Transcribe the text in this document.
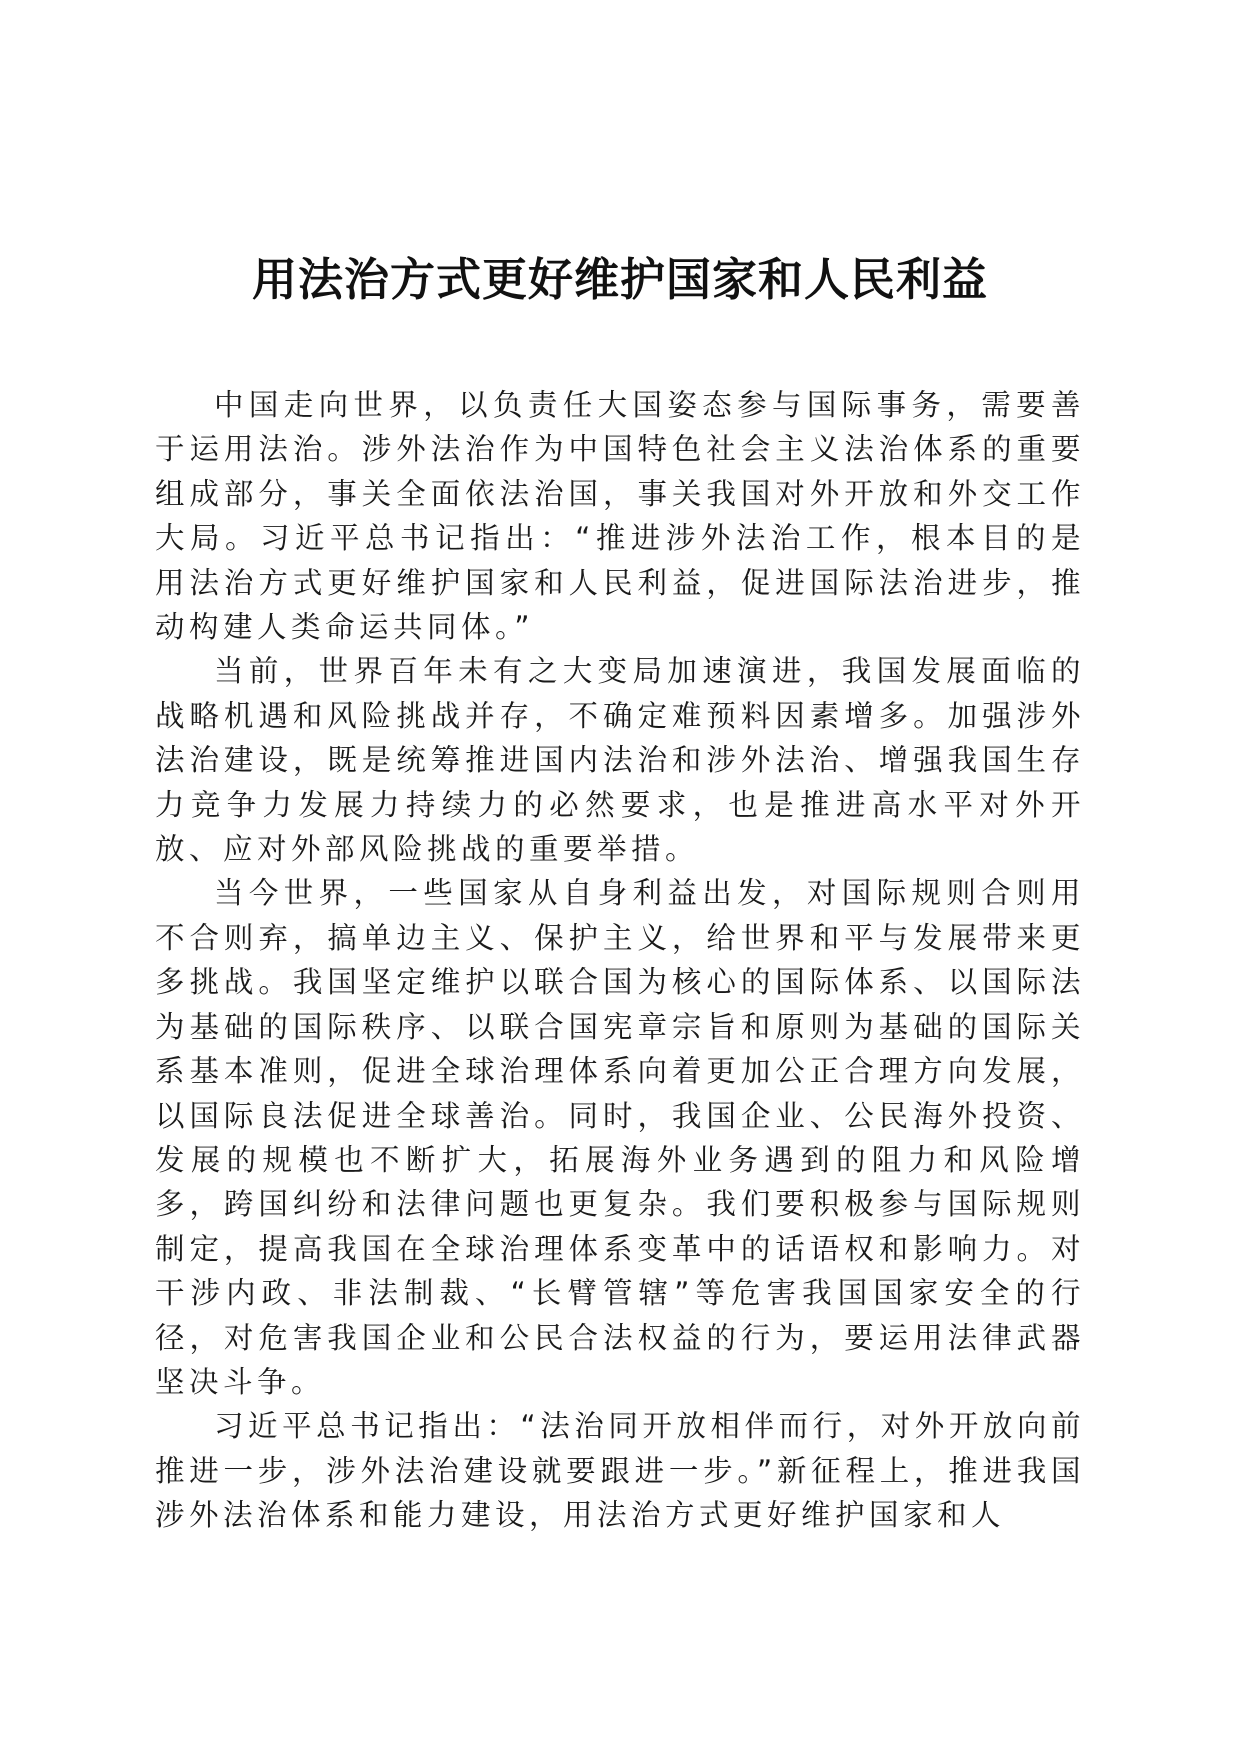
用法治方式更好维护国家和人民利益

中国走向世界，以负责任大国姿态参与国际事务，需要善于运用法治。涉外法治作为中国特色社会主义法治体系的重要组成部分，事关全面依法治国，事关我国对外开放和外交工作大局。习近平总书记指出：“推进涉外法治工作，根本目的是用法治方式更好维护国家和人民利益，促进国际法治进步，推动构建人类命运共同体。”

当前，世界百年未有之大变局加速演进，我国发展面临的战略机遇和风险挑战并存，不确定难预料因素增多。加强涉外法治建设，既是统筹推进国内法治和涉外法治、增强我国生存力竞争力发展力持续力的必然要求，也是推进高水平对外开放、应对外部风险挑战的重要举措。

当今世界，一些国家从自身利益出发，对国际规则合则用不合则弃，搞单边主义、保护主义，给世界和平与发展带来更多挑战。我国坚定维护以联合国为核心的国际体系、以国际法为基础的国际秩序、以联合国宪章宗旨和原则为基础的国际关系基本准则，促进全球治理体系向着更加公正合理方向发展，以国际良法促进全球善治。同时，我国企业、公民海外投资、发展的规模也不断扩大，拓展海外业务遇到的阻力和风险增多，跨国纠纷和法律问题也更复杂。我们要积极参与国际规则制定，提高我国在全球治理体系变革中的话语权和影响力。对干涉内政、非法制裁、“长臂管辖”等危害我国国家安全的行径，对危害我国企业和公民合法权益的行为，要运用法律武器坚决斗争。

习近平总书记指出：“法治同开放相伴而行，对外开放向前推进一步，涉外法治建设就要跟进一步。”新征程上，推进我国涉外法治体系和能力建设，用法治方式更好维护国家和人
